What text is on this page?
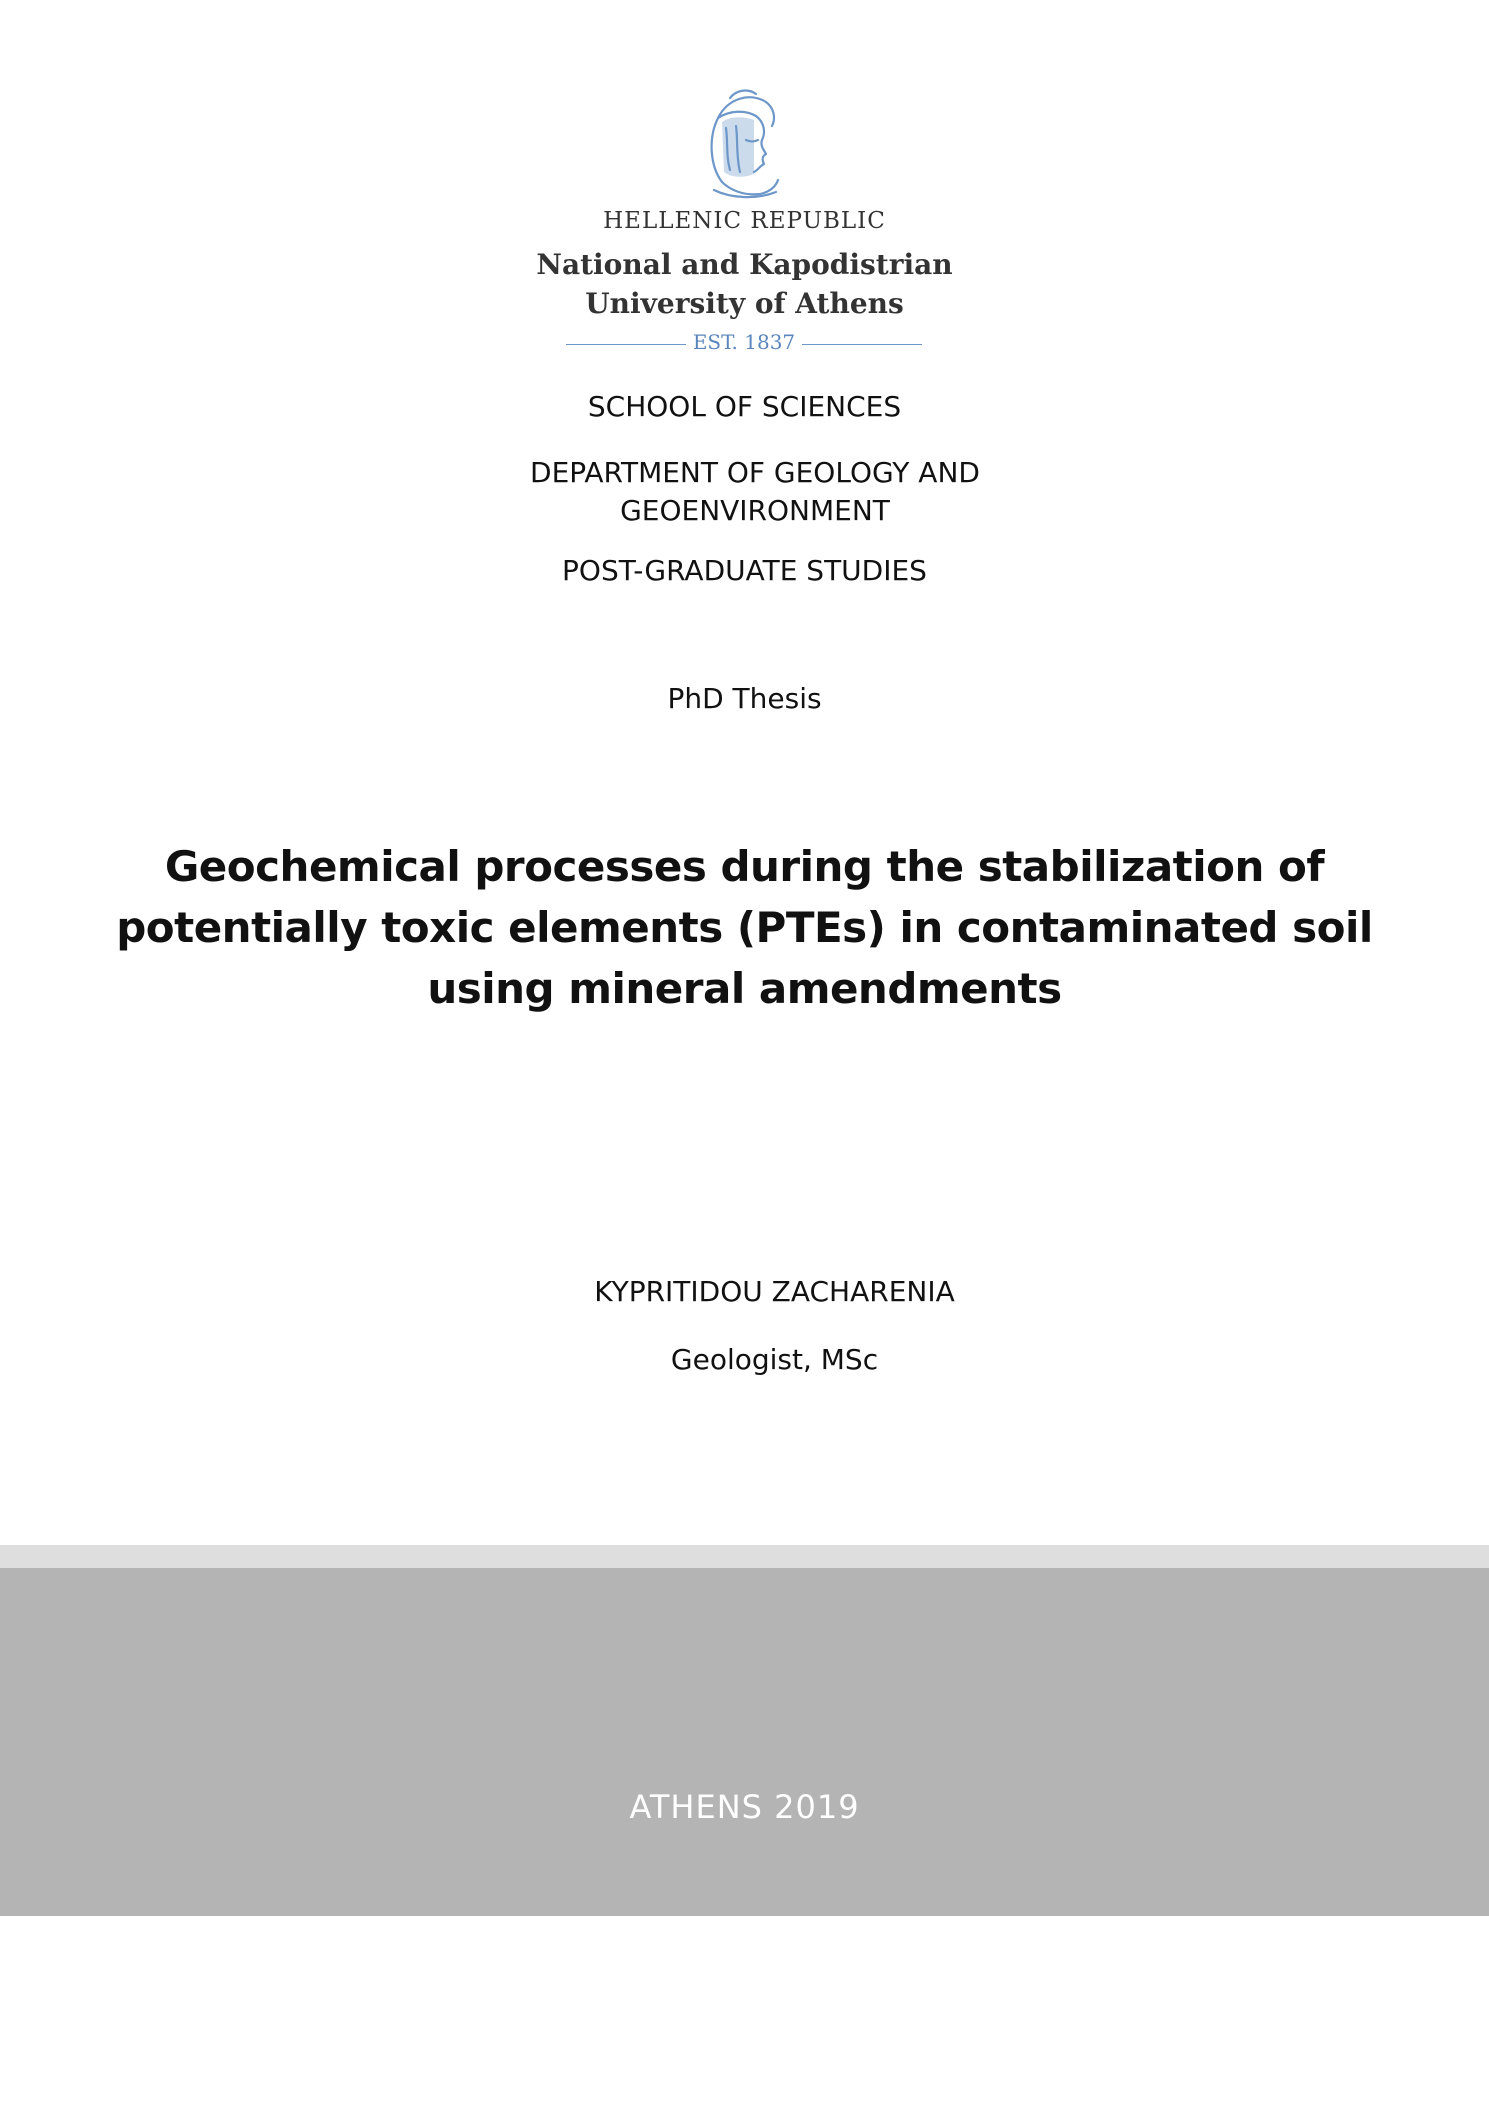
HELLENIC REPUBLIC
National and Kapodistrian
University of Athens
EST. 1837
SCHOOL OF SCIENCES
DEPARTMENT OF GEOLOGY AND GEOENVIRONMENT
POST-GRADUATE STUDIES
PhD Thesis
Geochemical processes during the stabilization of potentially toxic elements (PTEs) in contaminated soil using mineral amendments
KYPRITIDOU ZACHARENIA
Geologist, MSc
ATHENS 2019
